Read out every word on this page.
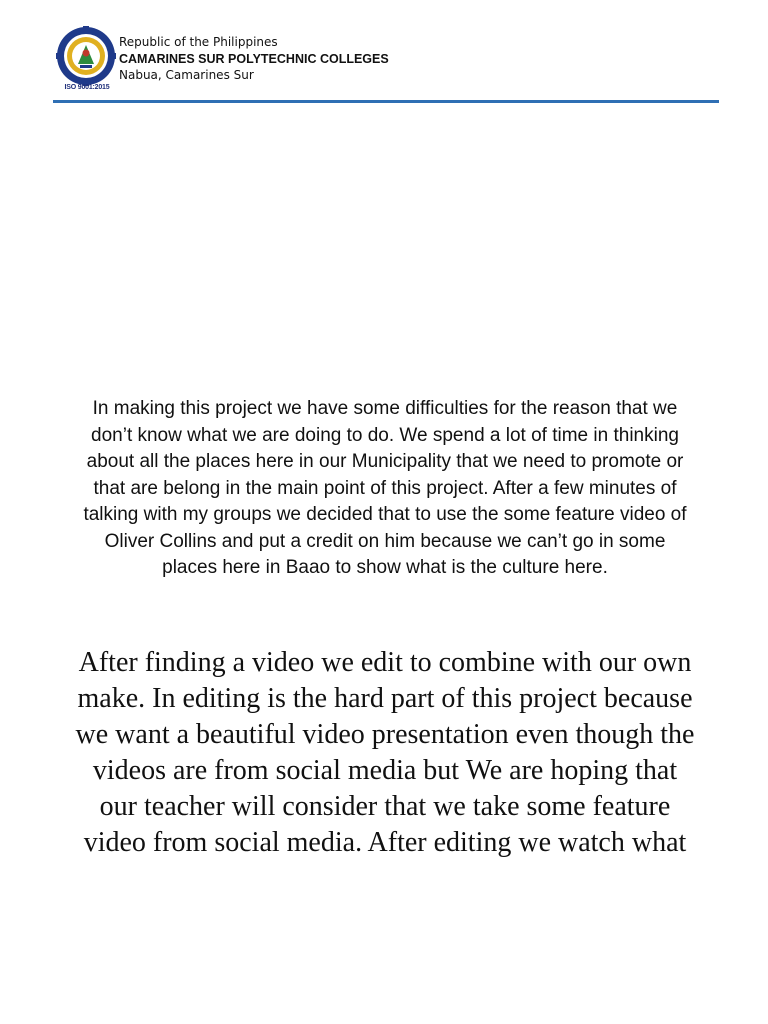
ISO 9001:2015
Republic of the Philippines
CAMARINES SUR POLYTECHNIC COLLEGES
Nabua, Camarines Sur
In making this project we have some difficulties for the reason that we don’t know what we are doing to do. We spend a lot of time in thinking about all the places here in our Municipality that we need to promote or that are belong in the main point of this project. After a few minutes of talking with my groups we decided that to use the some feature video of Oliver Collins and put a credit on him because we can’t go in some places here in Baao to show what is the culture here.
After finding a video we edit to combine with our own make. In editing is the hard part of this project because we want a beautiful video presentation even though the videos are from social media but We are hoping that our teacher will consider that we take some feature video from social media. After editing we watch what
